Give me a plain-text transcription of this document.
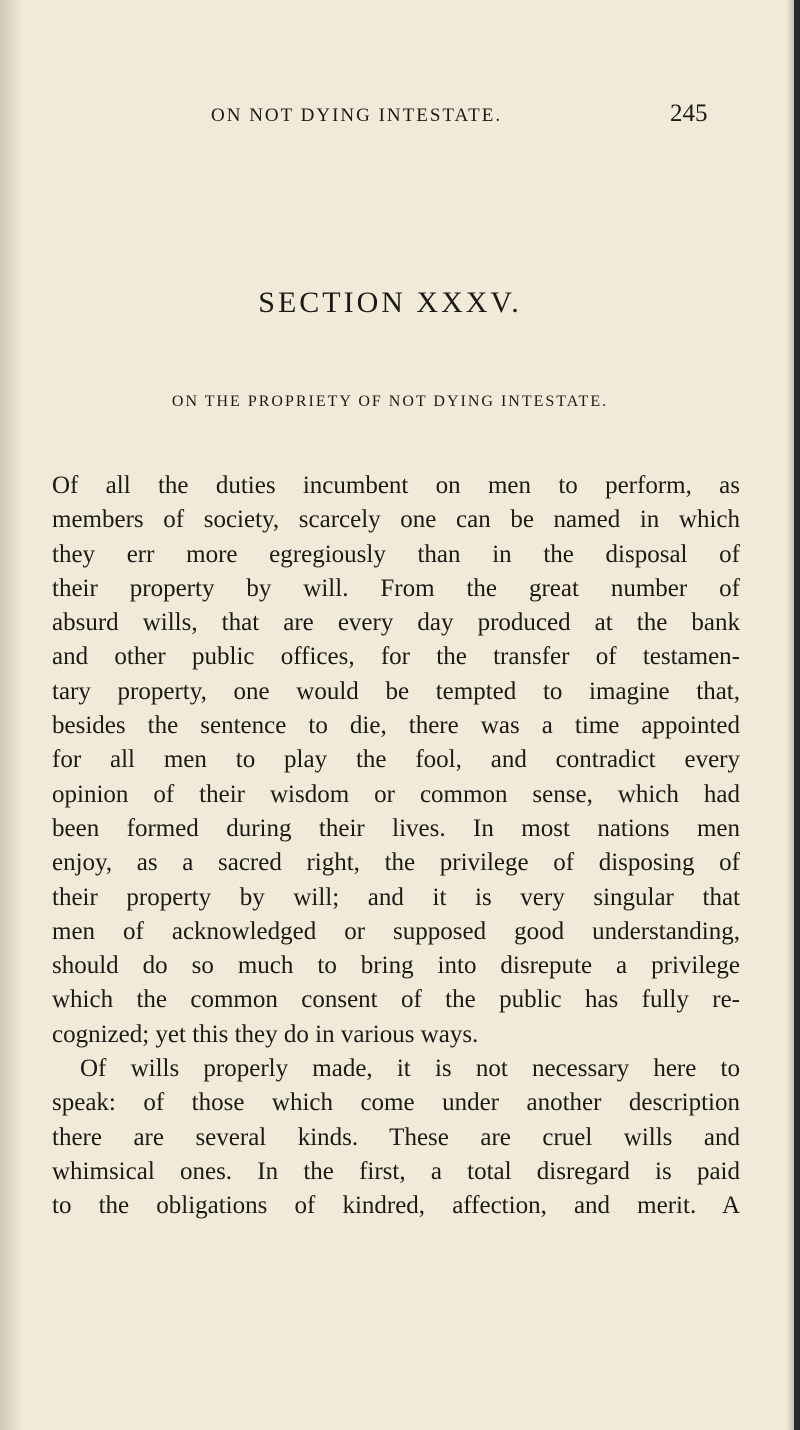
ON NOT DYING INTESTATE.	245
SECTION XXXV.
ON THE PROPRIETY OF NOT DYING INTESTATE.
Of all the duties incumbent on men to perform, as
members of society, scarcely one can be named in which
they err more egregiously than in the disposal of
their property by will. From the great number of
absurd wills, that are every day produced at the bank
and other public offices, for the transfer of testamen-
tary property, one would be tempted to imagine that,
besides the sentence to die, there was a time appointed
for all men to play the fool, and contradict every
opinion of their wisdom or common sense, which had
been formed during their lives. In most nations men
enjoy, as a sacred right, the privilege of disposing of
their property by will; and it is very singular that
men of acknowledged or supposed good understanding,
should do so much to bring into disrepute a privilege
which the common consent of the public has fully re-
cognized; yet this they do in various ways.
Of wills properly made, it is not necessary here to
speak: of those which come under another description
there are several kinds. These are cruel wills and
whimsical ones. In the first, a total disregard is paid
to the obligations of kindred, affection, and merit. A
